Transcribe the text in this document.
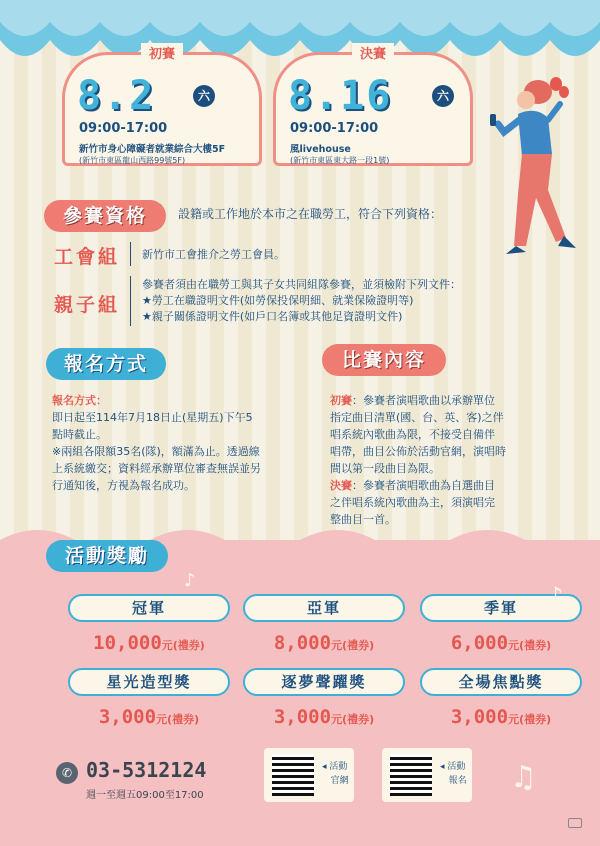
初賽
8.2	六
09:00-17:00
新竹市身心障礙者就業綜合大樓5F
(新竹市東區龍山西路99號5F)
決賽
8.16	六
09:00-17:00
風livehouse
(新竹市東區東大路一段1號)
參賽資格	設籍或工作地於本市之在職勞工，符合下列資格：
工會組 新竹市工會推介之勞工會員。
親子組
參賽者須由在職勞工與其子女共同組隊參賽，並須檢附下列文件：
★勞工在職證明文件(如勞保投保明細、就業保險證明等)
★親子關係證明文件(如戶口名簿或其他足資證明文件)
報名方式
報名方式：
即日起至114年7月18日止(星期五)下午5
點時截止。
※兩組各限額35名(隊)，額滿為止。透過線
上系統繳交；資料經承辦單位審查無誤並另
行通知後，方視為報名成功。
比賽內容
初賽：參賽者演唱歌曲以承辦單位
指定曲目清單(國、台、英、客)之伴
唱系統內歌曲為限，不接受自備伴
唱帶，曲目公佈於活動官網，演唱時
間以第一段曲目為限。
決賽：參賽者演唱歌曲為自選曲目
之伴唱系統內歌曲為主，須演唱完
整曲目一首。
活動獎勵
冠軍	亞軍	季軍
10,000元(禮券)	8,000元(禮券)	6,000元(禮券)
星光造型獎	逐夢聲躍獎	全場焦點獎
3,000元(禮券)	3,000元(禮券)	3,000元(禮券)
♪
♪
♫
✆ 03-5312124
週一至週五09:00至17:00
◂ 活動
官網
◂ 活動
報名
